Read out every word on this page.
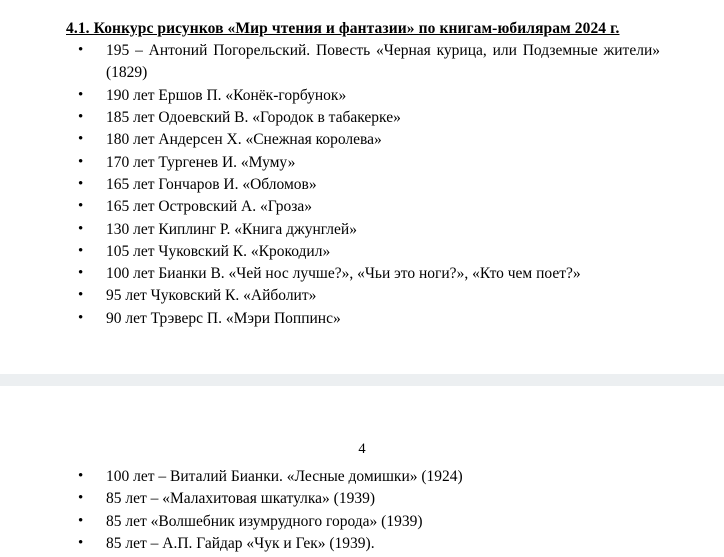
4.1. Конкурс рисунков «Мир чтения и фантазии» по книгам-юбилярам 2024 г.

• 195 – Антоний Погорельский. Повесть «Черная курица, или Подземные жители» (1829)
• 190 лет Ершов П. «Конёк-горбунок»
• 185 лет Одоевский В. «Городок в табакерке»
• 180 лет Андерсен Х. «Снежная королева»
• 170 лет Тургенев И. «Муму»
• 165 лет Гончаров И. «Обломов»
• 165 лет Островский А. «Гроза»
• 130 лет Киплинг Р. «Книга джунглей»
• 105 лет Чуковский К. «Крокодил»
• 100 лет Бианки В. «Чей нос лучше?», «Чьи это ноги?», «Кто чем поет?»
• 95 лет Чуковский К. «Айболит»
• 90 лет Трэверс П. «Мэри Поппинс»
4
• 100 лет – Виталий Бианки. «Лесные домишки» (1924)
• 85 лет – «Малахитовая шкатулка» (1939)
• 85 лет «Волшебник изумрудного города» (1939)
• 85 лет – А.П. Гайдар «Чук и Гек» (1939).
